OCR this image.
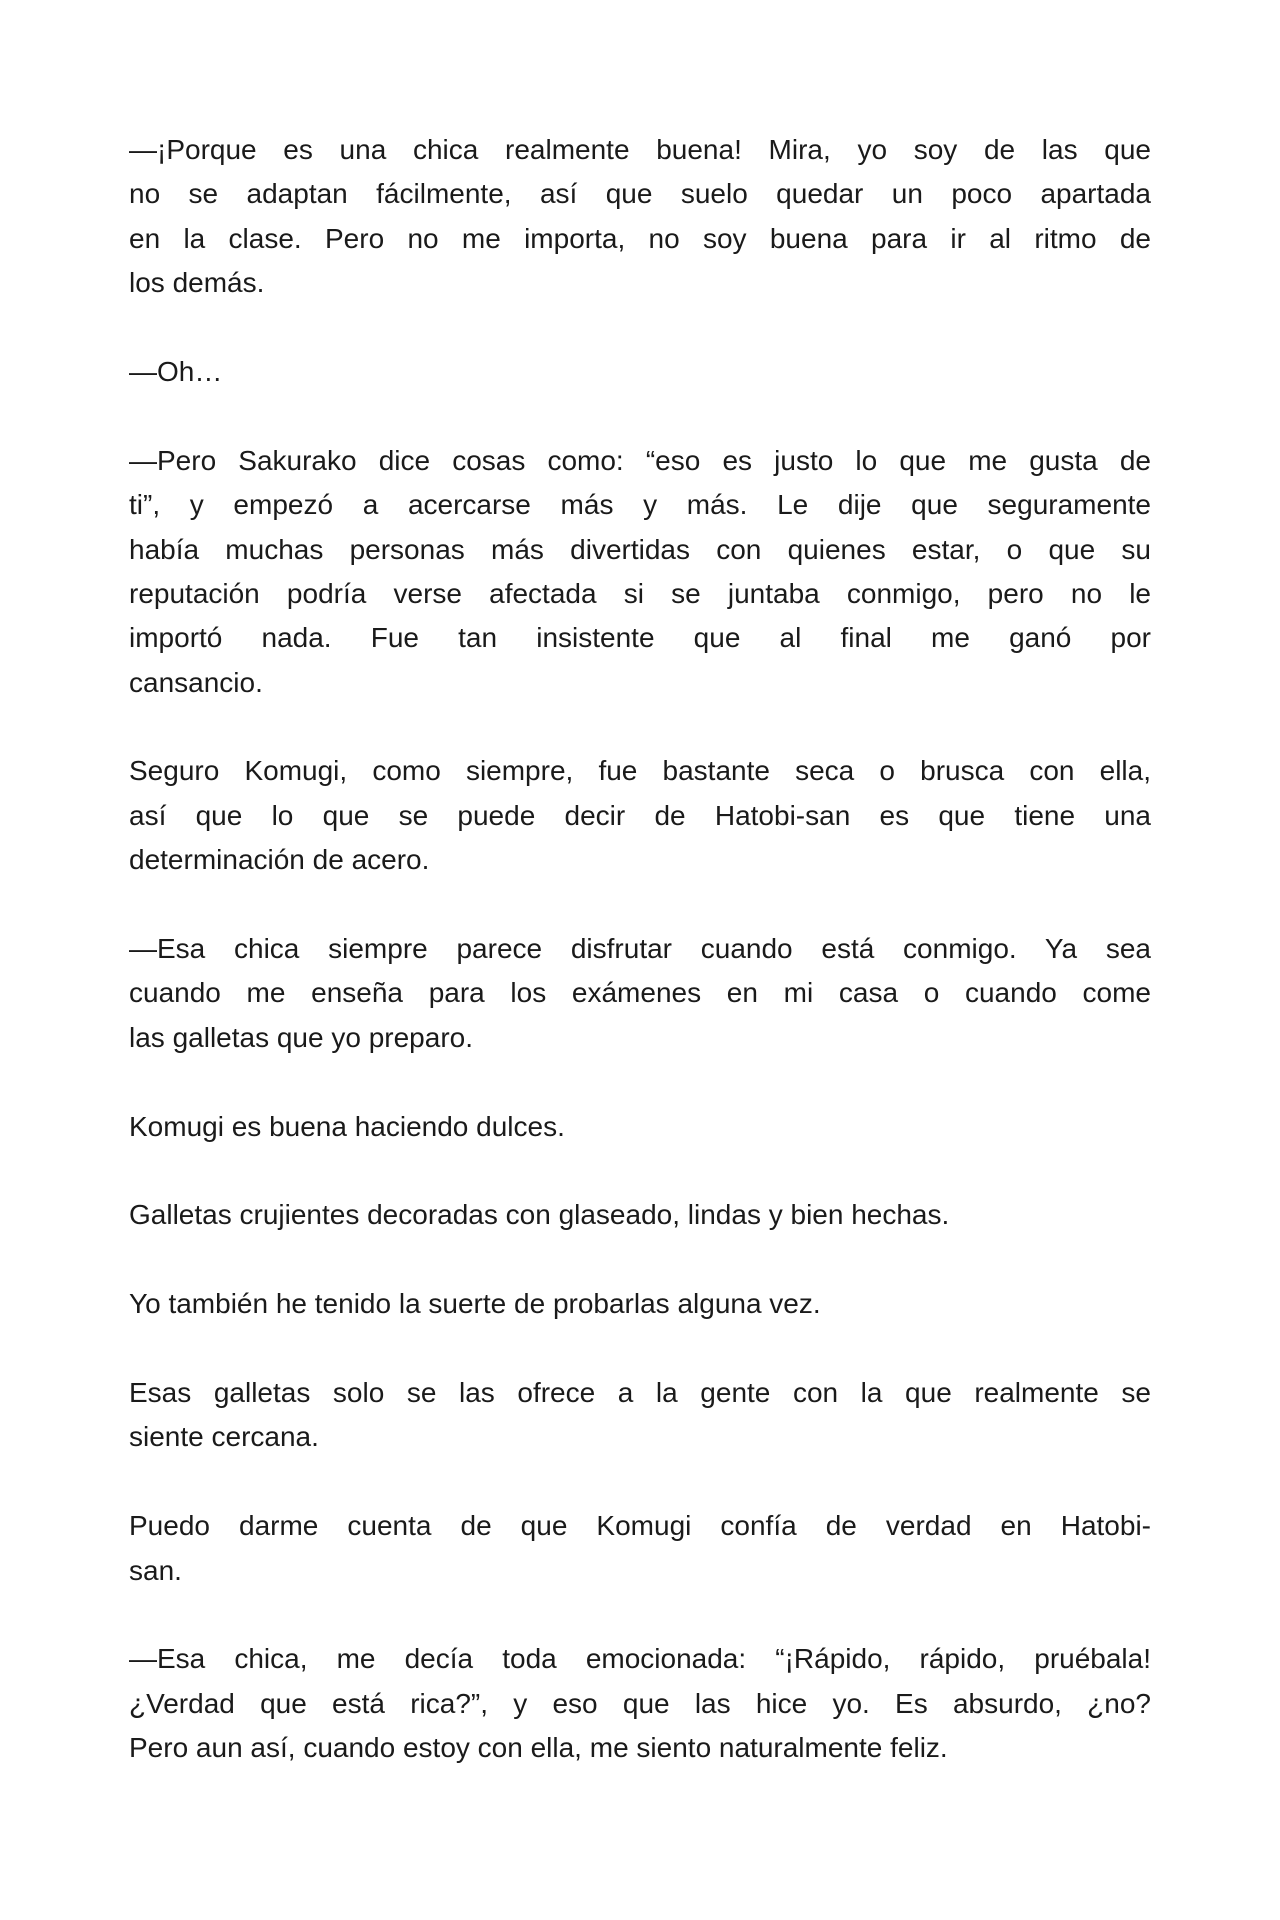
—¡Porque es una chica realmente buena! Mira, yo soy de las que
no se adaptan fácilmente, así que suelo quedar un poco apartada
en la clase. Pero no me importa, no soy buena para ir al ritmo de
los demás.
—Oh…
—Pero Sakurako dice cosas como: “eso es justo lo que me gusta de
ti”, y empezó a acercarse más y más. Le dije que seguramente
había muchas personas más divertidas con quienes estar, o que su
reputación podría verse afectada si se juntaba conmigo, pero no le
importó nada. Fue tan insistente que al final me ganó por
cansancio.
Seguro Komugi, como siempre, fue bastante seca o brusca con ella,
así que lo que se puede decir de Hatobi-san es que tiene una
determinación de acero.
—Esa chica siempre parece disfrutar cuando está conmigo. Ya sea
cuando me enseña para los exámenes en mi casa o cuando come
las galletas que yo preparo.
Komugi es buena haciendo dulces.
Galletas crujientes decoradas con glaseado, lindas y bien hechas.
Yo también he tenido la suerte de probarlas alguna vez.
Esas galletas solo se las ofrece a la gente con la que realmente se
siente cercana.
Puedo darme cuenta de que Komugi confía de verdad en Hatobi-
san.
—Esa chica, me decía toda emocionada: “¡Rápido, rápido, pruébala!
¿Verdad que está rica?”, y eso que las hice yo. Es absurdo, ¿no?
Pero aun así, cuando estoy con ella, me siento naturalmente feliz.
